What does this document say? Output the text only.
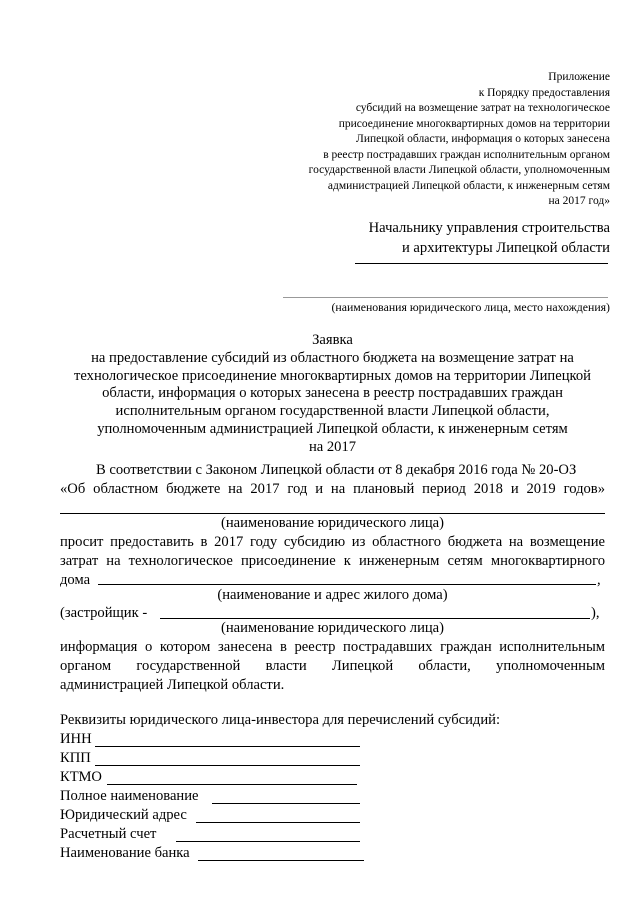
Приложение
к Порядку предоставления
субсидий на возмещение затрат на технологическое
присоединение многоквартирных домов на территории
Липецкой области, информация о которых занесена
в реестр пострадавших граждан исполнительным органом
государственной власти Липецкой области, уполномоченным
администрацией Липецкой области, к инженерным сетям
на 2017 год»
Начальнику управления строительства
и архитектуры Липецкой области
(наименования юридического лица, место нахождения)
Заявка
на предоставление субсидий из областного бюджета на возмещение затрат на
технологическое присоединение многоквартирных домов на территории Липецкой
области, информация о которых занесена в реестр пострадавших граждан
исполнительным органом государственной власти Липецкой области,
уполномоченным администрацией Липецкой области, к инженерным сетям
на 2017
В соответствии с Законом Липецкой области от 8 декабря 2016 года № 20-ОЗ
«Об областном бюджете на 2017 год и на плановый период 2018 и 2019 годов»
(наименование юридического лица)
просит предоставить в 2017 году субсидию из областного бюджета на возмещение
затрат на технологическое присоединение к инженерным сетям многоквартирного
дома	,
(наименование и адрес жилого дома)
(застройщик -	),
(наименование юридического лица)
информация о котором занесена в реестр пострадавших граждан исполнительным
органом государственной власти Липецкой области, уполномоченным
администрацией Липецкой области.
Реквизиты юридического лица-инвестора для перечислений субсидий:
ИНН
КПП
КТМО
Полное наименование
Юридический адрес
Расчетный счет
Наименование банка
